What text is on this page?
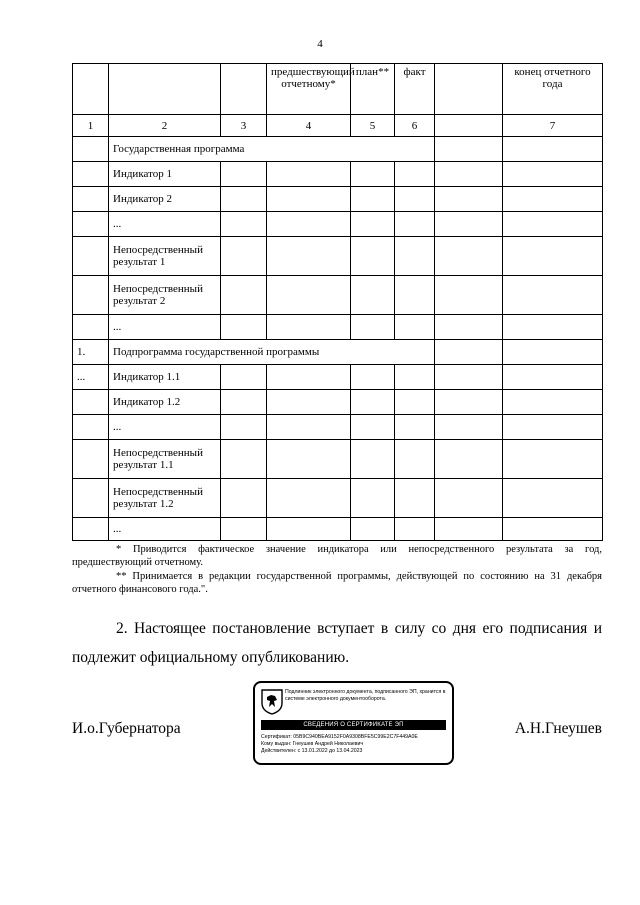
4
			предшествующий отчетному*	план**	факт		конец отчетного года
1	2	3	4	5	6		7
	Государственная программа						
	Индикатор 1						
	Индикатор 2						
	...						
	Непосредственный результат 1						
	Непосредственный результат 2						
	...						
1.	Подпрограмма государственной программы						
...	Индикатор 1.1						
	Индикатор 1.2						
	...						
	Непосредственный результат 1.1						
	Непосредственный результат 1.2						
	...						
* Приводится фактическое значение индикатора или непосредственного результата за год, предшествующий отчетному.
** Принимается в редакции государственной программы, действующей по состоянию на 31 декабря отчетного финансового года.".
2. Настоящее постановление вступает в силу со дня его подписания и подлежит официальному опубликованию.
И.о.Губернатора	А.Н.Гнеушев
Подлинник электронного документа, подписанного ЭП, хранится в системе электронного документооборота.
СВЕДЕНИЯ О СЕРТИФИКАТЕ ЭП
Сертификат: 05B9C940BEA9152F0A9308BFE5C99E2C7F449A0E
Кому выдан: Гнеушев Андрей Николаевич
Действителен: с 13.01.2022 до 13.04.2023
